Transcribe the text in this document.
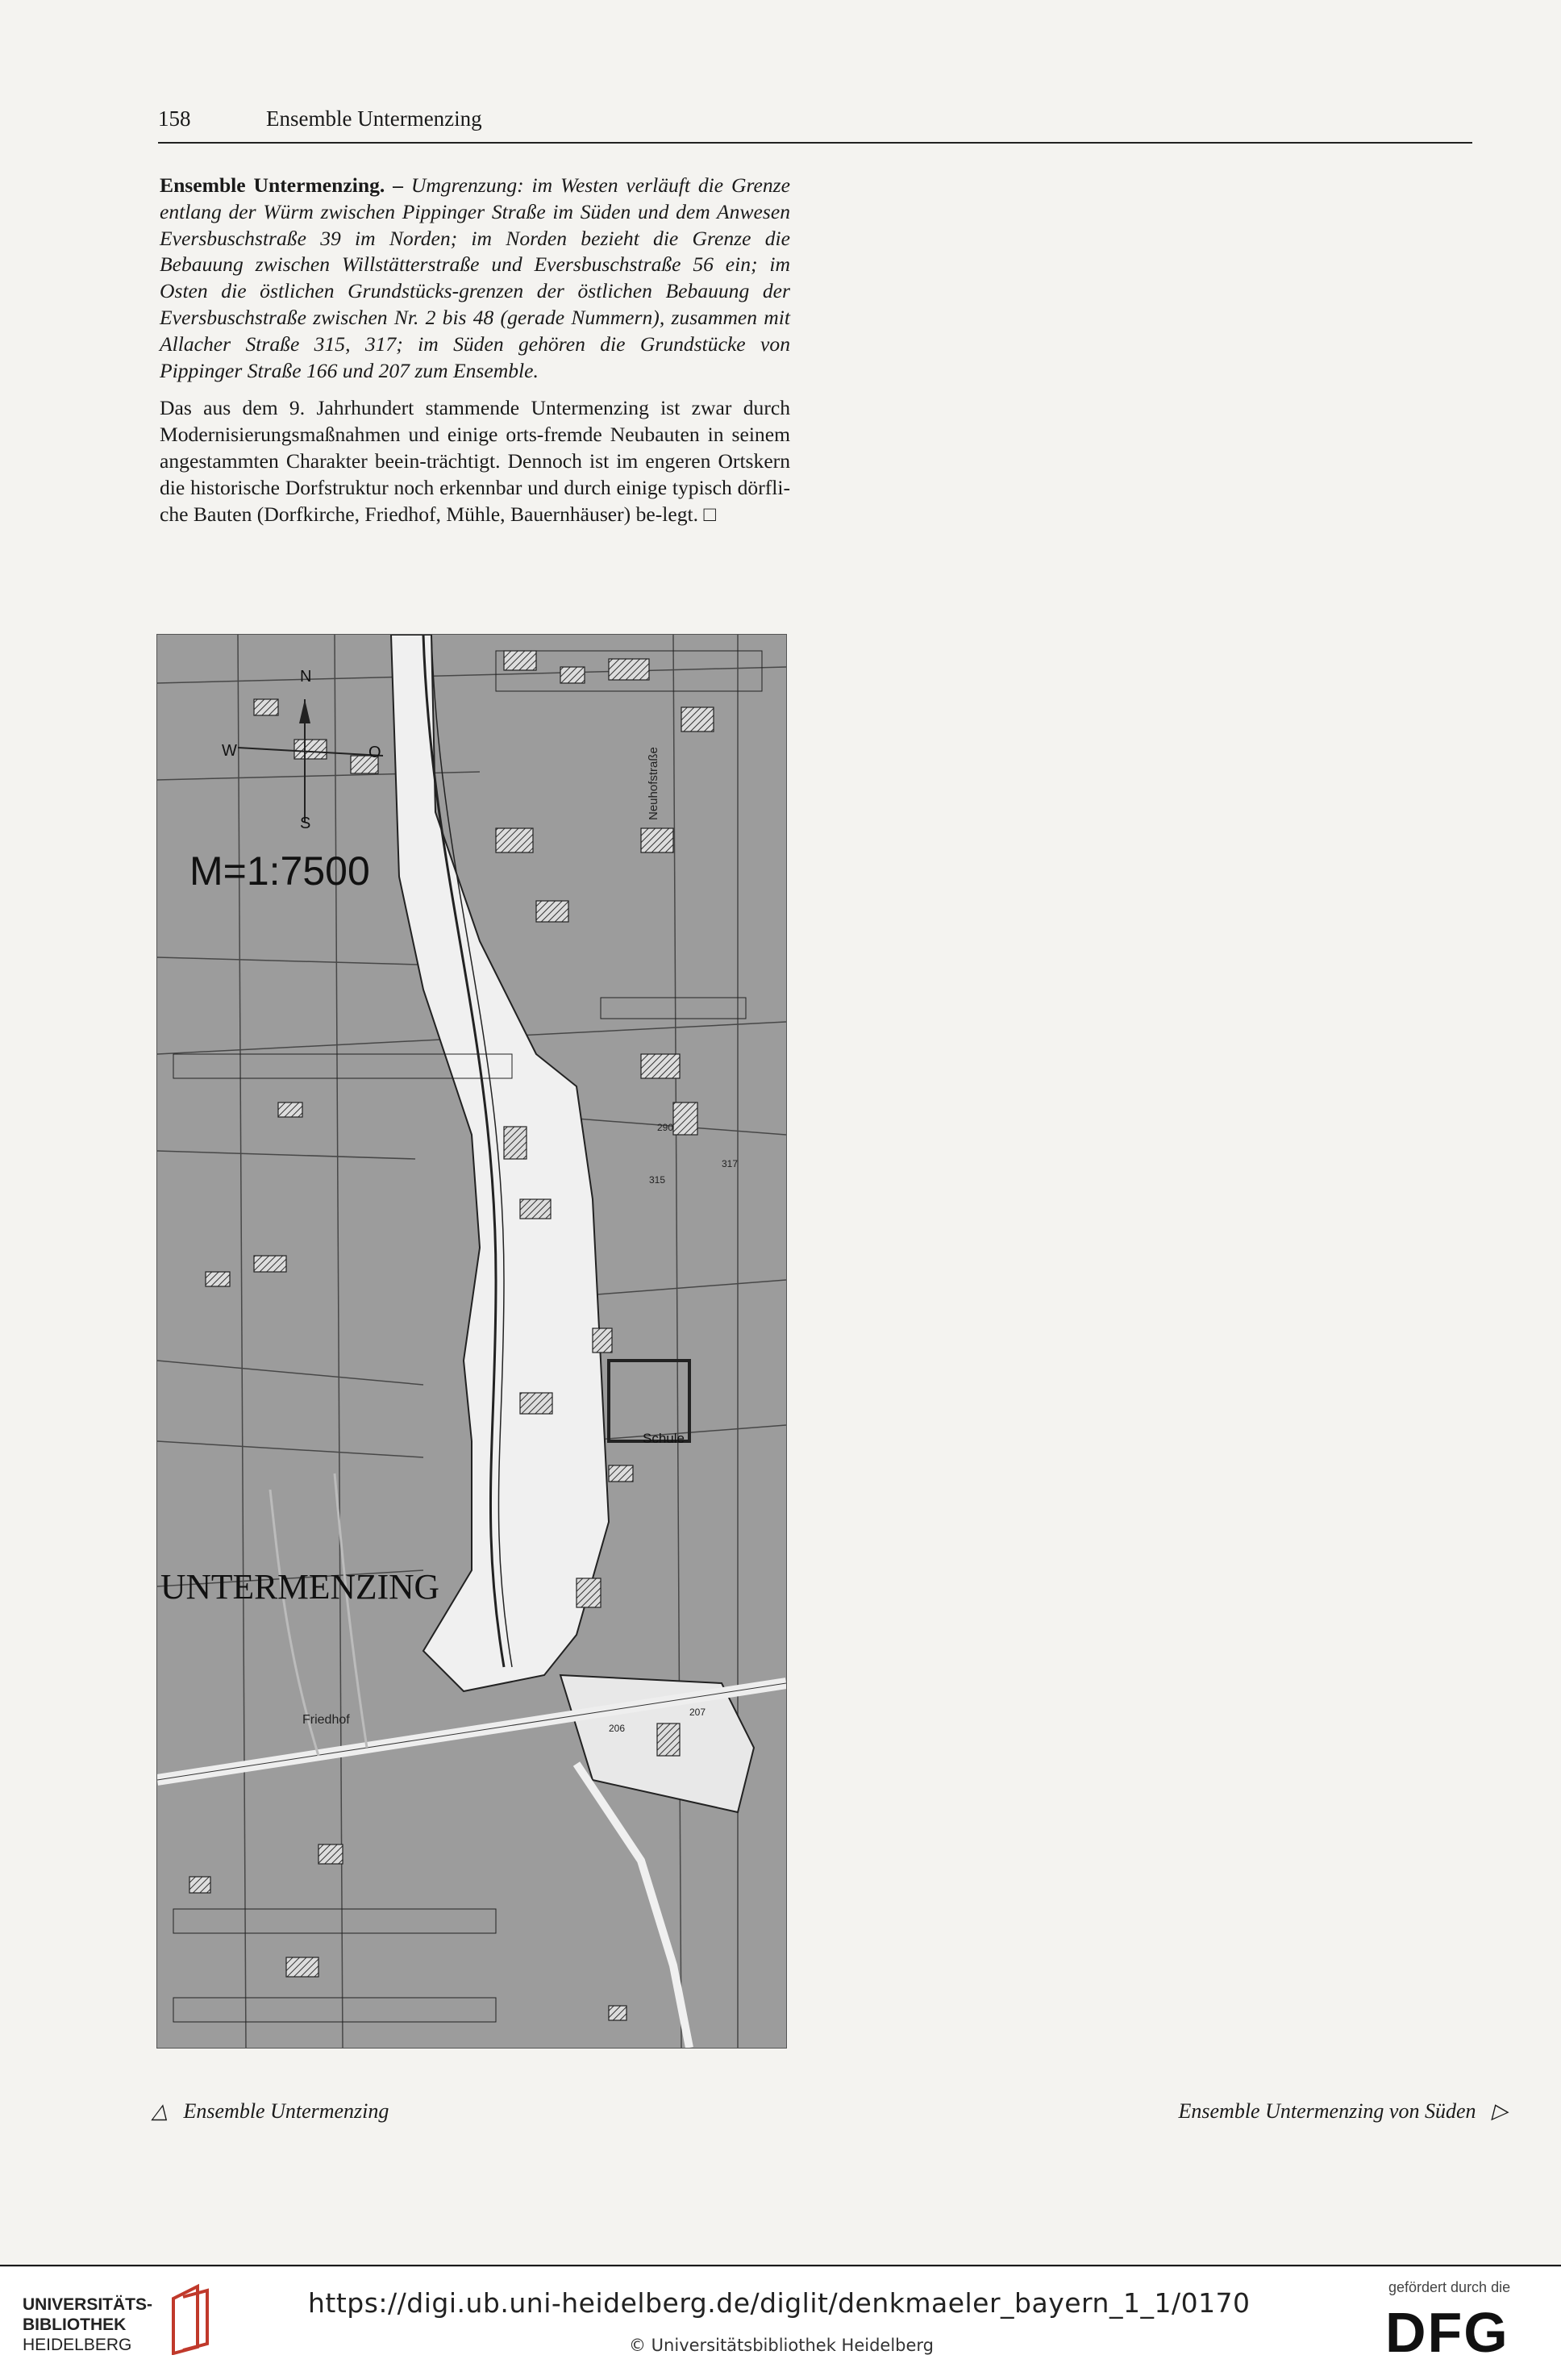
158	Ensemble Untermenzing

Ensemble Untermenzing. – Umgrenzung: im Westen verläuft die Grenze entlang der Würm zwischen Pippinger Straße im Süden und dem Anwesen Eversbuschstraße 39 im Norden; im Norden bezieht die Grenze die Bebauung zwischen Willstätterstraße und Eversbuschstraße 56 ein; im Osten die östlichen Grundstücks-grenzen der östlichen Bebauung der Eversbuschstraße zwischen Nr. 2 bis 48 (gerade Nummern), zusammen mit Allacher Straße 315, 317; im Süden gehören die Grundstücke von Pippinger Straße 166 und 207 zum Ensemble.

Das aus dem 9. Jahrhundert stammende Untermenzing ist zwar durch Modernisierungsmaßnahmen und einige orts-fremde Neubauten in seinem angestammten Charakter beein-trächtigt. Dennoch ist im engeren Ortskern die historische Dorfstruktur noch erkennbar und durch einige typisch dörfli-che Bauten (Dorfkirche, Friedhof, Mühle, Bauernhäuser) be-legt. □

N
S
W	O
M=1:7500
UNTERMENZING
Schule
Friedhof
Neuhofstraße
206
207
315
317
290
△ Ensemble Untermenzing	Ensemble Untermenzing von Süden ▷
UNIVERSITÄTS-
BIBLIOTHEK
HEIDELBERG
https://digi.ub.uni-heidelberg.de/diglit/denkmaeler_bayern_1_1/0170
© Universitätsbibliothek Heidelberg
gefördert durch die
DFG
